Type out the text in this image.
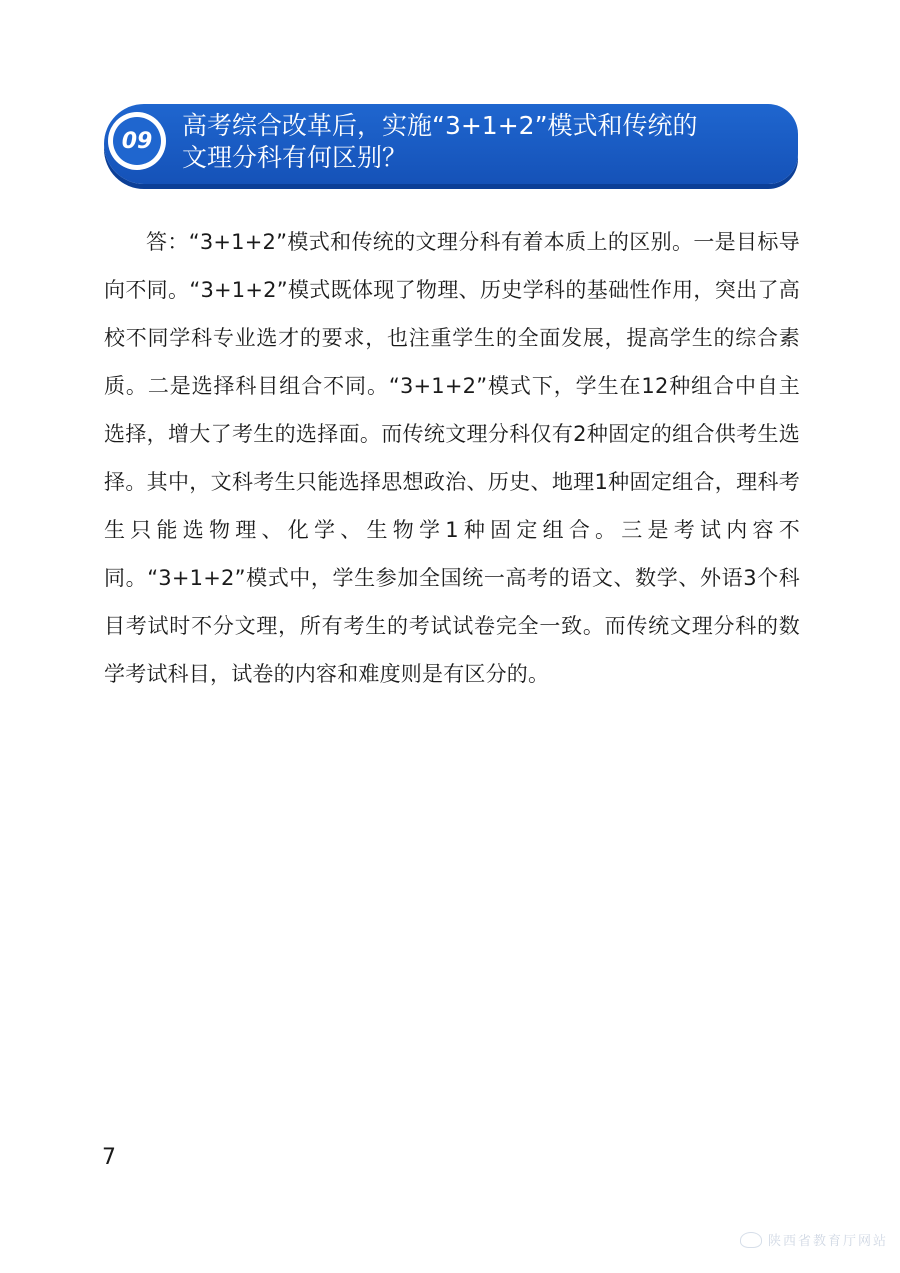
09
高考综合改革后，实施“3+1+2”模式和传统的
文理分科有何区别？

答：“3+1+2”模式和传统的文理分科有着本质上的区别。一是目标导向不同。“3+1+2”模式既体现了物理、历史学科的基础性作用，突出了高校不同学科专业选才的要求，也注重学生的全面发展，提高学生的综合素质。二是选择科目组合不同。“3+1+2”模式下，学生在12种组合中自主选择，增大了考生的选择面。而传统文理分科仅有2种固定的组合供考生选择。其中，文科考生只能选择思想政治、历史、地理1种固定组合，理科考生只能选物理、化学、生物学1种固定组合。三是考试内容不同。“3+1+2”模式中，学生参加全国统一高考的语文、数学、外语3个科目考试时不分文理，所有考生的考试试卷完全一致。而传统文理分科的数学考试科目，试卷的内容和难度则是有区分的。

7
陕西省教育厅网站
